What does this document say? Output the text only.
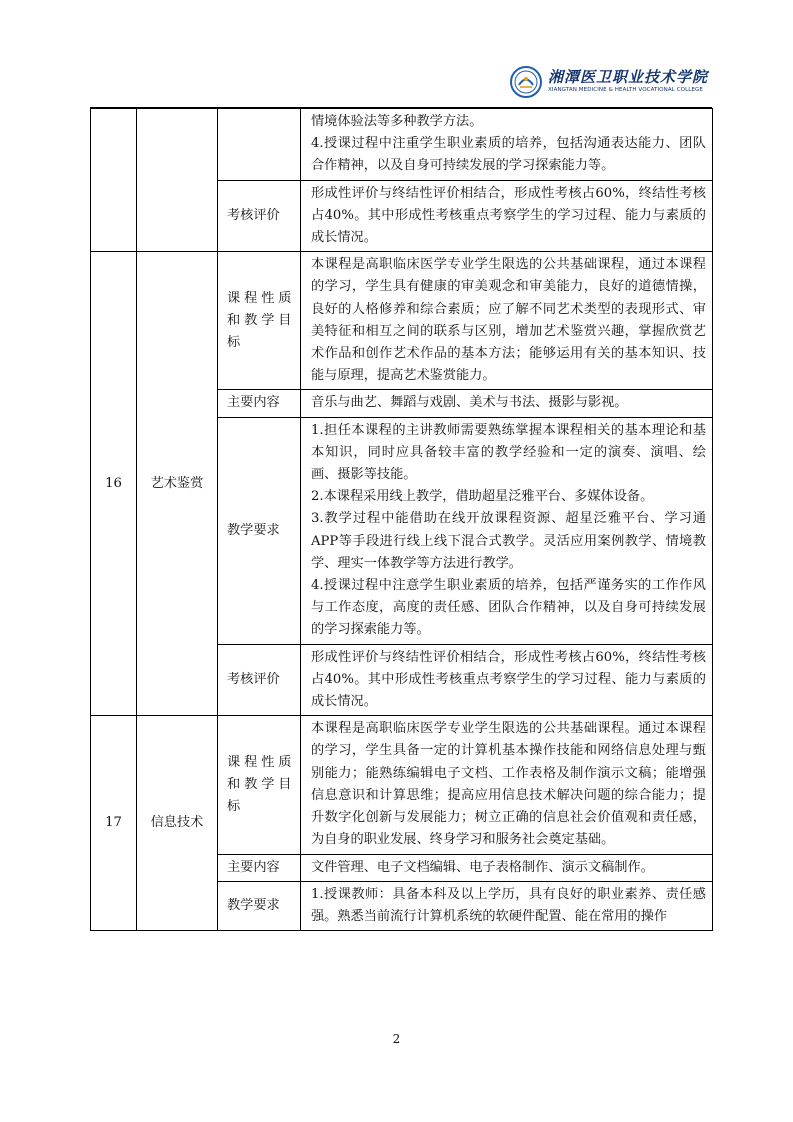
湘潭医卫职业技术学院
XIANGTAN MEDICINE & HEALTH VOCATIONAL COLLEGE

			情境体验法等多种教学方法。

4.授课过程中注重学生职业素质的培养，包括沟通表达能力、团队合作精神，以及自身可持续发展的学习探索能力等。

		考核评价	形成性评价与终结性评价相结合，形成性考核占60%，终结性考核占40%。其中形成性考核重点考察学生的学习过程、能力与素质的成长情况。
16	艺术鉴赏	课程性质和教学目标	本课程是高职临床医学专业学生限选的公共基础课程，通过本课程的学习，学生具有健康的审美观念和审美能力，良好的道德情操，良好的人格修养和综合素质；应了解不同艺术类型的表现形式、审美特征和相互之间的联系与区别，增加艺术鉴赏兴趣，掌握欣赏艺术作品和创作艺术作品的基本方法；能够运用有关的基本知识、技能与原理，提高艺术鉴赏能力。
		主要内容	音乐与曲艺、舞蹈与戏剧、美术与书法、摄影与影视。
		教学要求	1.担任本课程的主讲教师需要熟练掌握本课程相关的基本理论和基本知识，同时应具备较丰富的教学经验和一定的演奏、演唱、绘画、摄影等技能。

2.本课程采用线上教学，借助超星泛雅平台、多媒体设备。

3.教学过程中能借助在线开放课程资源、超星泛雅平台、学习通APP等手段进行线上线下混合式教学。灵活应用案例教学、情境教学、理实一体教学等方法进行教学。

4.授课过程中注意学生职业素质的培养，包括严谨务实的工作作风与工作态度，高度的责任感、团队合作精神，以及自身可持续发展的学习探索能力等。

		考核评价	形成性评价与终结性评价相结合，形成性考核占60%，终结性考核占40%。其中形成性考核重点考察学生的学习过程、能力与素质的成长情况。
17	信息技术	课程性质和教学目标	本课程是高职临床医学专业学生限选的公共基础课程。通过本课程的学习，学生具备一定的计算机基本操作技能和网络信息处理与甄别能力；能熟练编辑电子文档、工作表格及制作演示文稿；能增强信息意识和计算思维；提高应用信息技术解决问题的综合能力；提升数字化创新与发展能力；树立正确的信息社会价值观和责任感，为自身的职业发展、终身学习和服务社会奠定基础。
		主要内容	文件管理、电子文档编辑、电子表格制作、演示文稿制作。
		教学要求	1.授课教师：具备本科及以上学历，具有良好的职业素养、责任感强。熟悉当前流行计算机系统的软硬件配置、能在常用的操作

2
